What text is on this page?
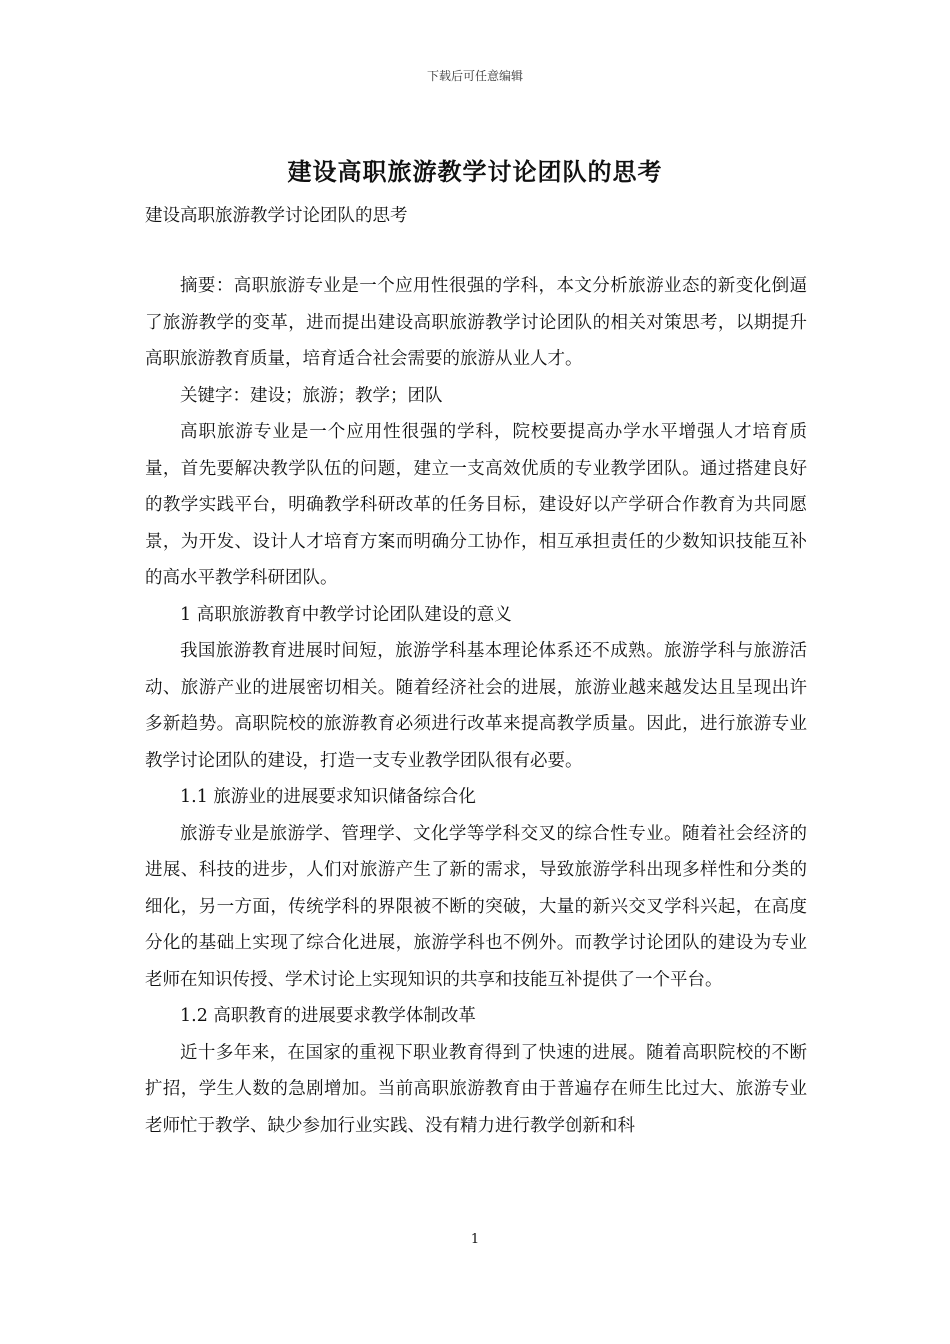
下载后可任意编辑
建设高职旅游教学讨论团队的思考
建设高职旅游教学讨论团队的思考

摘要：高职旅游专业是一个应用性很强的学科，本文分析旅游业态的新变化倒逼了旅游教学的变革，进而提出建设高职旅游教学讨论团队的相关对策思考，以期提升高职旅游教育质量，培育适合社会需要的旅游从业人才。

关键字：建设；旅游；教学；团队

高职旅游专业是一个应用性很强的学科，院校要提高办学水平增强人才培育质量，首先要解决教学队伍的问题，建立一支高效优质的专业教学团队。通过搭建良好的教学实践平台，明确教学科研改革的任务目标，建设好以产学研合作教育为共同愿景，为开发、设计人才培育方案而明确分工协作，相互承担责任的少数知识技能互补的高水平教学科研团队。

1 高职旅游教育中教学讨论团队建设的意义

我国旅游教育进展时间短，旅游学科基本理论体系还不成熟。旅游学科与旅游活动、旅游产业的进展密切相关。随着经济社会的进展，旅游业越来越发达且呈现出许多新趋势。高职院校的旅游教育必须进行改革来提高教学质量。因此，进行旅游专业教学讨论团队的建设，打造一支专业教学团队很有必要。

1.1 旅游业的进展要求知识储备综合化

旅游专业是旅游学、管理学、文化学等学科交叉的综合性专业。随着社会经济的进展、科技的进步，人们对旅游产生了新的需求，导致旅游学科出现多样性和分类的细化，另一方面，传统学科的界限被不断的突破，大量的新兴交叉学科兴起，在高度分化的基础上实现了综合化进展，旅游学科也不例外。而教学讨论团队的建设为专业老师在知识传授、学术讨论上实现知识的共享和技能互补提供了一个平台。

1.2 高职教育的进展要求教学体制改革

近十多年来，在国家的重视下职业教育得到了快速的进展。随着高职院校的不断扩招，学生人数的急剧增加。当前高职旅游教育由于普遍存在师生比过大、旅游专业老师忙于教学、缺少参加行业实践、没有精力进行教学创新和科

1
